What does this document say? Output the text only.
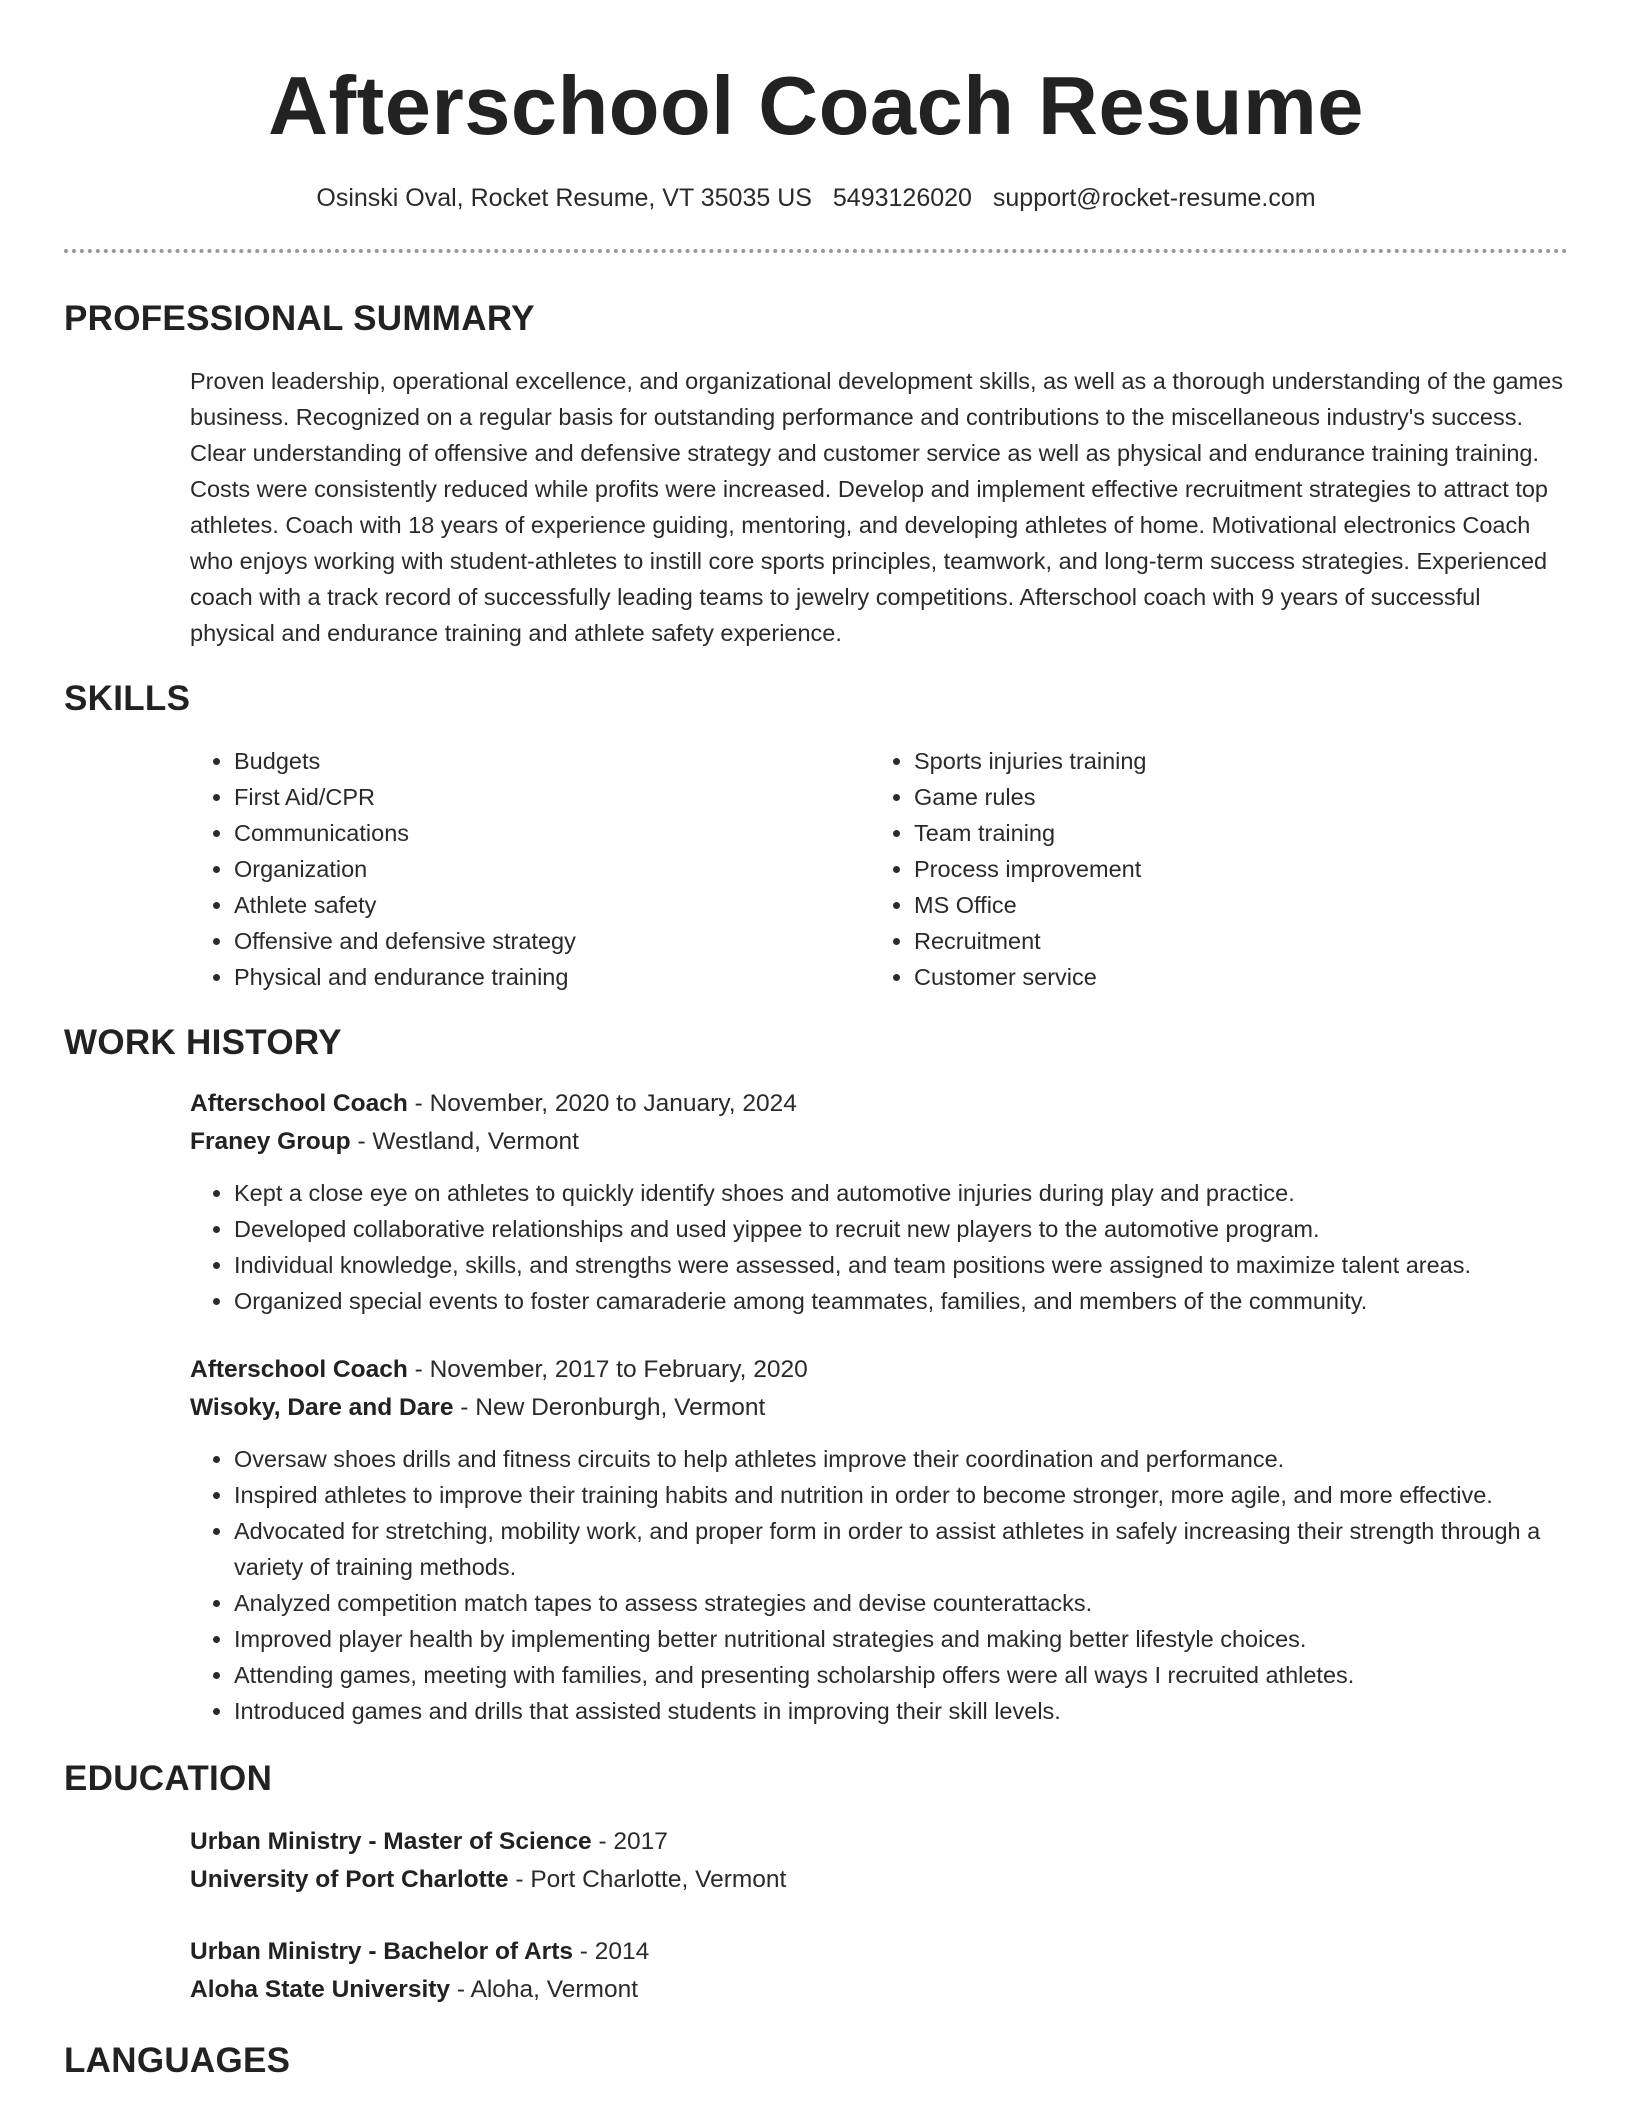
Afterschool Coach Resume
Osinski Oval, Rocket Resume, VT 35035 US 5493126020 support@rocket-resume.com
PROFESSIONAL SUMMARY
Proven leadership, operational excellence, and organizational development skills, as well as a thorough understanding of the games business. Recognized on a regular basis for outstanding performance and contributions to the miscellaneous industry's success. Clear understanding of offensive and defensive strategy and customer service as well as physical and endurance training training. Costs were consistently reduced while profits were increased. Develop and implement effective recruitment strategies to attract top athletes. Coach with 18 years of experience guiding, mentoring, and developing athletes of home. Motivational electronics Coach who enjoys working with student-athletes to instill core sports principles, teamwork, and long-term success strategies. Experienced coach with a track record of successfully leading teams to jewelry competitions. Afterschool coach with 9 years of successful physical and endurance training and athlete safety experience.
SKILLS
• Budgets
• First Aid/CPR
• Communications
• Organization
• Athlete safety
• Offensive and defensive strategy
• Physical and endurance training
• Sports injuries training
• Game rules
• Team training
• Process improvement
• MS Office
• Recruitment
• Customer service
WORK HISTORY
Afterschool Coach - November, 2020 to January, 2024
Franey Group - Westland, Vermont
• Kept a close eye on athletes to quickly identify shoes and automotive injuries during play and practice.
• Developed collaborative relationships and used yippee to recruit new players to the automotive program.
• Individual knowledge, skills, and strengths were assessed, and team positions were assigned to maximize talent areas.
• Organized special events to foster camaraderie among teammates, families, and members of the community.
Afterschool Coach - November, 2017 to February, 2020
Wisoky, Dare and Dare - New Deronburgh, Vermont
• Oversaw shoes drills and fitness circuits to help athletes improve their coordination and performance.
• Inspired athletes to improve their training habits and nutrition in order to become stronger, more agile, and more effective.
• Advocated for stretching, mobility work, and proper form in order to assist athletes in safely increasing their strength through a variety of training methods.
• Analyzed competition match tapes to assess strategies and devise counterattacks.
• Improved player health by implementing better nutritional strategies and making better lifestyle choices.
• Attending games, meeting with families, and presenting scholarship offers were all ways I recruited athletes.
• Introduced games and drills that assisted students in improving their skill levels.
EDUCATION
Urban Ministry - Master of Science - 2017
University of Port Charlotte - Port Charlotte, Vermont
Urban Ministry - Bachelor of Arts - 2014
Aloha State University - Aloha, Vermont
LANGUAGES
